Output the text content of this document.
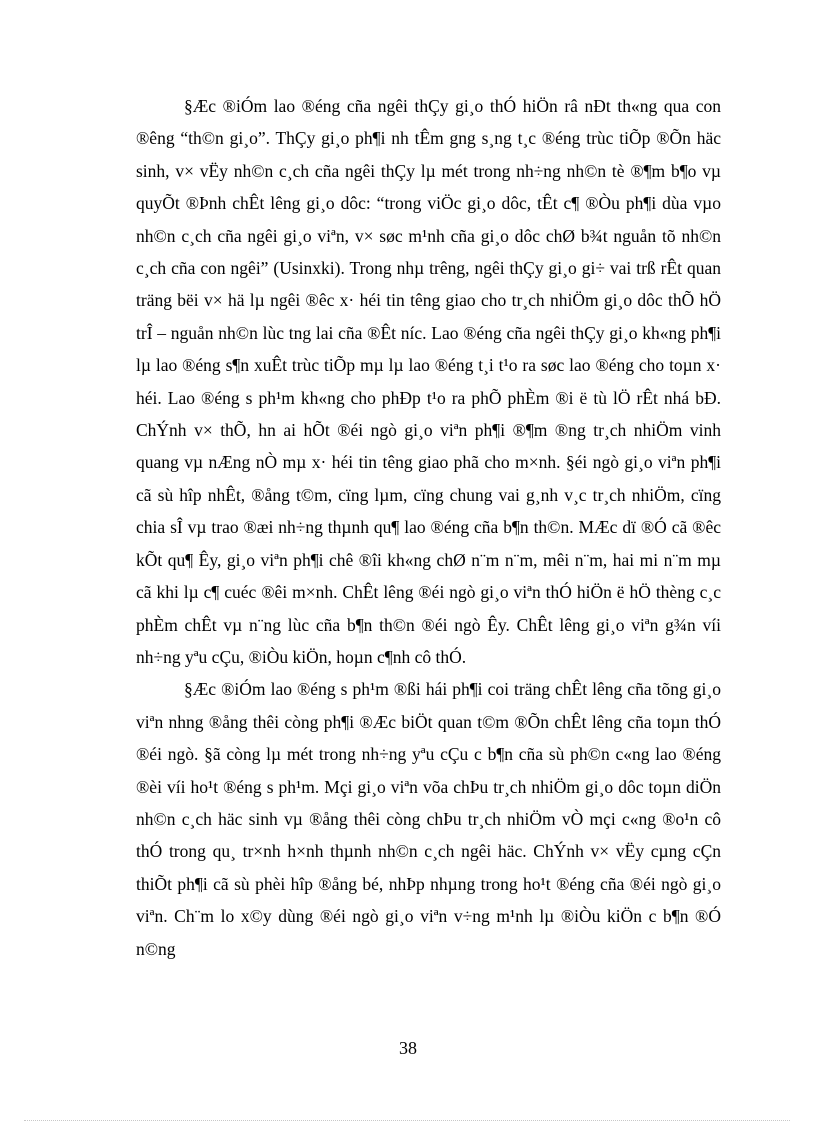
§Æc ®iÓm lao ®éng cña ngêi thÇy gi¸o thÓ hiÖn râ nÐt th«ng qua con ®êng “th©n gi¸o”. ThÇy gi¸o ph¶i nh tÊm gng s¸ng t¸c ®éng trùc tiÕp ®Õn häc sinh, v× vËy nh©n c¸ch cña ngêi thÇy lµ mét trong nh÷ng nh©n tè ®¶m b¶o vµ quyÕt ®Þnh chÊt lêng gi¸o dôc: “trong viÖc gi¸o dôc, tÊt c¶ ®Òu ph¶i dùa vµo nh©n c¸ch cña ngêi gi¸o viªn, v× søc m¹nh cña gi¸o dôc chØ b¾t nguån tõ nh©n c¸ch cña con ngêi” (Usinxki). Trong nhµ trêng, ngêi thÇy gi¸o gi÷ vai trß rÊt quan träng bëi v× hä lµ ngêi ®êc x· héi tin têng giao cho tr¸ch nhiÖm gi¸o dôc thÕ hÖ trÎ – nguån nh©n lùc tng lai cña ®Êt níc. Lao ®éng cña ngêi thÇy gi¸o kh«ng ph¶i lµ lao ®éng s¶n xuÊt trùc tiÕp mµ lµ lao ®éng t¸i t¹o ra søc lao ®éng cho toµn x· héi. Lao ®éng s ph¹m kh«ng cho phÐp t¹o ra phÕ phÈm ®i ë tù lÖ rÊt nhá bÐ. ChÝnh v× thÕ, hn ai hÕt ®éi ngò gi¸o viªn ph¶i ®¶m ®ng tr¸ch nhiÖm vinh quang vµ nÆng nÒ mµ x· héi tin têng giao phã cho m×nh. §éi ngò gi¸o viªn ph¶i cã sù hîp nhÊt, ®ång t©m, cïng lµm, cïng chung vai g¸nh v¸c tr¸ch nhiÖm, cïng chia sÎ vµ trao ®æi nh÷ng thµnh qu¶ lao ®éng cña b¶n th©n. MÆc dï ®Ó cã ®êc kÕt qu¶ Êy, gi¸o viªn ph¶i chê ®îi kh«ng chØ n¨m n¨m, mêi n¨m, hai mi n¨m mµ cã khi lµ c¶ cuéc ®êi m×nh. ChÊt lêng ®éi ngò gi¸o viªn thÓ hiÖn ë hÖ thèng c¸c phÈm chÊt vµ n¨ng lùc cña b¶n th©n ®éi ngò Êy. ChÊt lêng gi¸o viªn g¾n víi nh÷ng yªu cÇu, ®iÒu kiÖn, hoµn c¶nh cô thÓ.

§Æc ®iÓm lao ®éng s ph¹m ®ßi hái ph¶i coi träng chÊt lêng cña tõng gi¸o viªn nhng ®ång thêi còng ph¶i ®Æc biÖt quan t©m ®Õn chÊt lêng cña toµn thÓ ®éi ngò. §ã còng lµ mét trong nh÷ng yªu cÇu c b¶n cña sù ph©n c«ng lao ®éng ®èi víi ho¹t ®éng s ph¹m. Mçi gi¸o viªn võa chÞu tr¸ch nhiÖm gi¸o dôc toµn diÖn nh©n c¸ch häc sinh vµ ®ång thêi còng chÞu tr¸ch nhiÖm vÒ mçi c«ng ®o¹n cô thÓ trong qu¸ tr×nh h×nh thµnh nh©n c¸ch ngêi häc. ChÝnh v× vËy cµng cÇn thiÕt ph¶i cã sù phèi hîp ®ång bé, nhÞp nhµng trong ho¹t ®éng cña ®éi ngò gi¸o viªn. Ch¨m lo x©y dùng ®éi ngò gi¸o viªn v÷ng m¹nh lµ ®iÒu kiÖn c b¶n ®Ó n©ng

38
